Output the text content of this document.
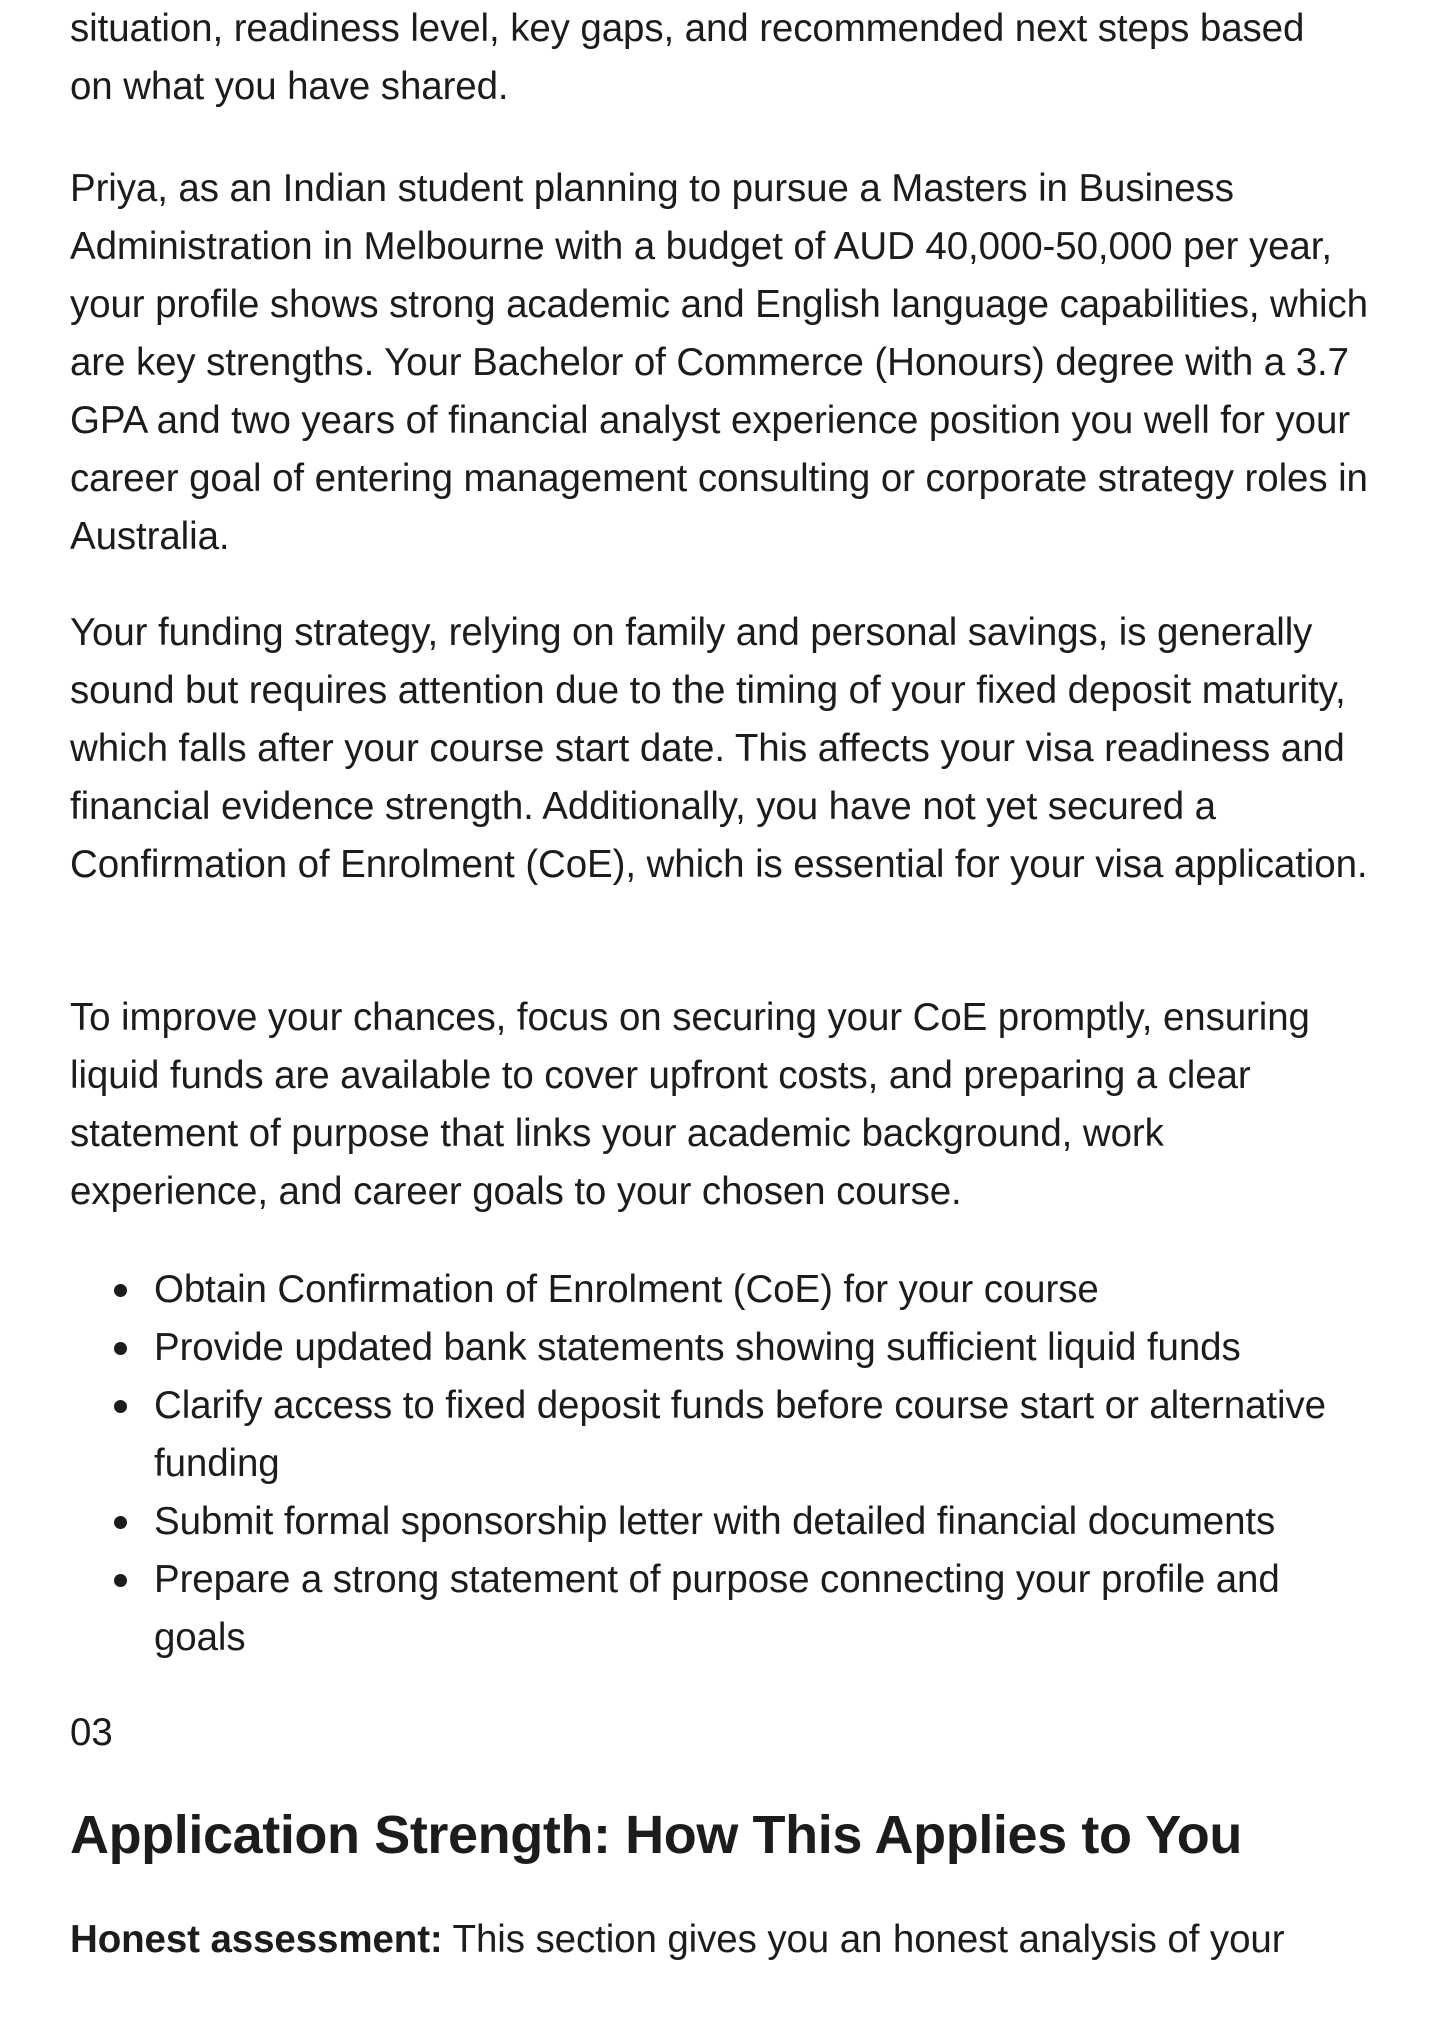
situation, readiness level, key gaps, and recommended next steps based

on what you have shared.

Priya, as an Indian student planning to pursue a Masters in Business Administration in Melbourne with a budget of AUD 40,000-50,000 per year, your profile shows strong academic and English language capabilities, which are key strengths. Your Bachelor of Commerce (Honours) degree with a 3.7 GPA and two years of financial analyst experience position you well for your career goal of entering management consulting or corporate strategy roles in Australia.

Your funding strategy, relying on family and personal savings, is generally sound but requires attention due to the timing of your fixed deposit maturity, which falls after your course start date. This affects your visa readiness and financial evidence strength. Additionally, you have not yet secured a Confirmation of Enrolment (CoE), which is essential for your visa application.

To improve your chances, focus on securing your CoE promptly, ensuring liquid funds are available to cover upfront costs, and preparing a clear statement of purpose that links your academic background, work experience, and career goals to your chosen course.

Obtain Confirmation of Enrolment (CoE) for your course
Provide updated bank statements showing sufficient liquid funds
Clarify access to fixed deposit funds before course start or alternative funding
Submit formal sponsorship letter with detailed financial documents
Prepare a strong statement of purpose connecting your profile and goals
03
Application Strength: How This Applies to You

Honest assessment: This section gives you an honest analysis of your
